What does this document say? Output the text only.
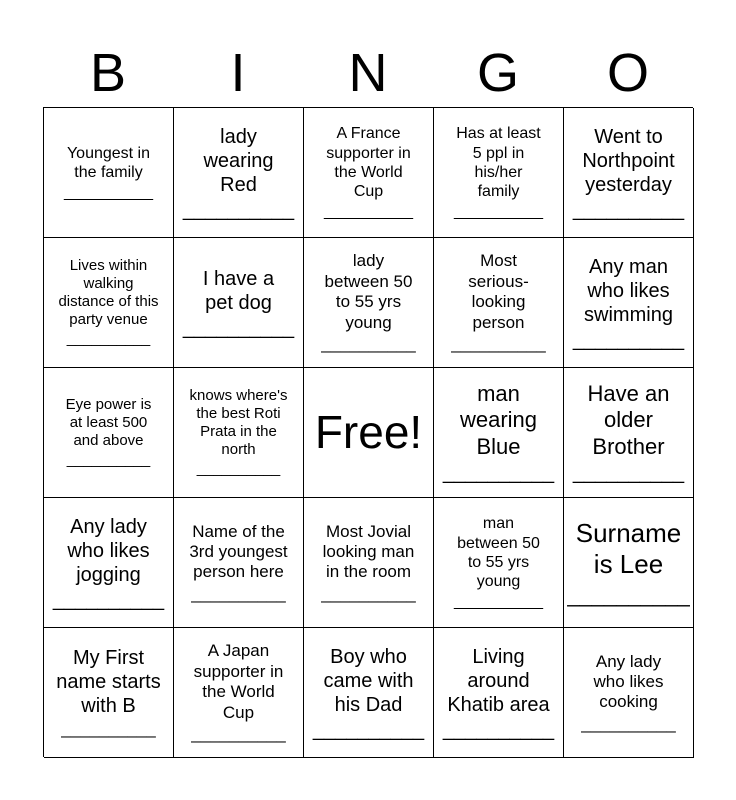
B	I	N	G	O
Youngest in
the family
__________
lady
wearing
Red
__________
A France
supporter in
the World
Cup
__________
Has at least
5 ppl in
his/her
family
__________
Went to
Northpoint
yesterday
__________
Lives within
walking
distance of this
party venue
__________
I have a
pet dog
__________
lady
between 50
to 55 yrs
young
__________
Most
serious-
looking
person
__________
Any man
who likes
swimming
__________
Eye power is
at least 500
and above
__________
knows where's
the best Roti
Prata in the
north
__________
Free!
man
wearing
Blue
__________
Have an
older
Brother
__________
Any lady
who likes
jogging
__________
Name of the
3rd youngest
person here
__________
Most Jovial
looking man
in the room
__________
man
between 50
to 55 yrs
young
__________
Surname
is Lee
__________
My First
name starts
with B
__________
A Japan
supporter in
the World
Cup
__________
Boy who
came with
his Dad
__________
Living
around
Khatib area
__________
Any lady
who likes
cooking
__________
